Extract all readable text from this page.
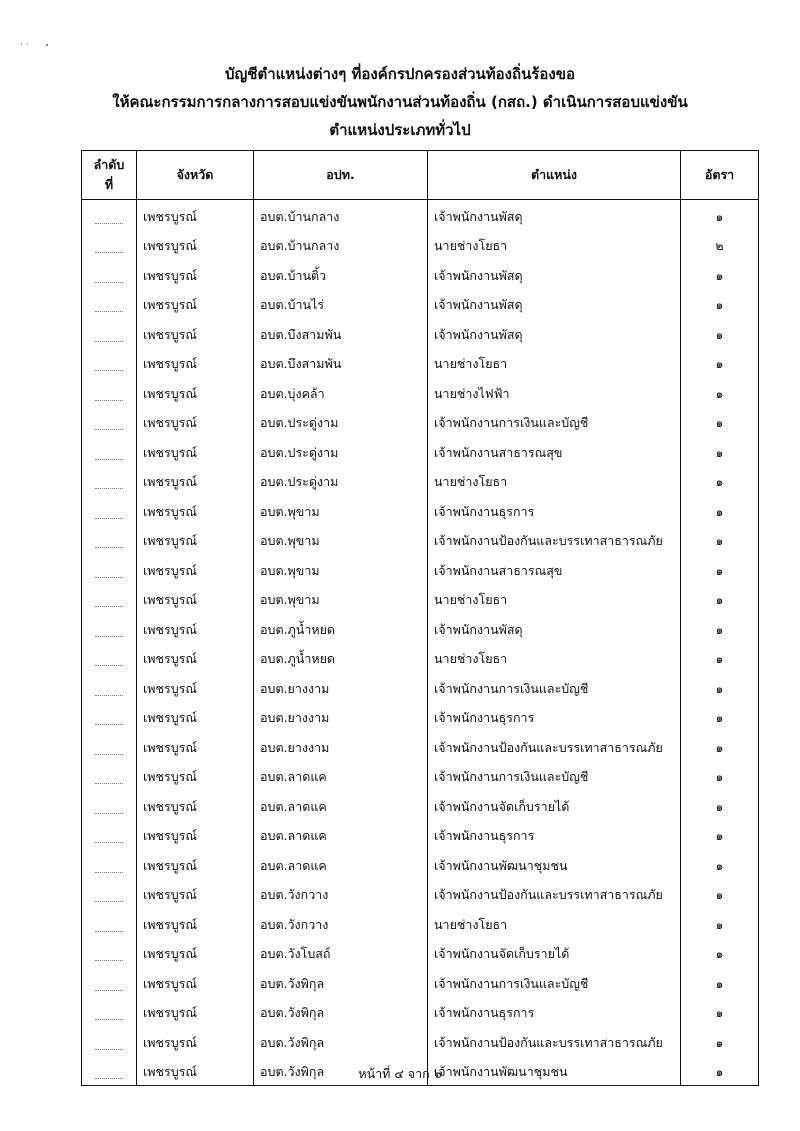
· ·
บัญชีตำแหน่งต่างๆ ที่องค์กรปกครองส่วนท้องถิ่นร้องขอ
ให้คณะกรรมการกลางการสอบแข่งขันพนักงานส่วนท้องถิ่น (กสถ.) ดำเนินการสอบแข่งขัน
ตำแหน่งประเภททั่วไป
ลำดับ
ที่	จังหวัด	อปท.	ตำแหน่ง	อัตรา
	เพชรบูรณ์	อบต.บ้านกลาง	เจ้าพนักงานพัสดุ	๑
	เพชรบูรณ์	อบต.บ้านกลาง	นายช่างโยธา	๒
	เพชรบูรณ์	อบต.บ้านติ้ว	เจ้าพนักงานพัสดุ	๑
	เพชรบูรณ์	อบต.บ้านไร่	เจ้าพนักงานพัสดุ	๑
	เพชรบูรณ์	อบต.บึงสามพัน	เจ้าพนักงานพัสดุ	๑
	เพชรบูรณ์	อบต.บึงสามพัน	นายช่างโยธา	๑
	เพชรบูรณ์	อบต.บุ่งคล้า	นายช่างไฟฟ้า	๑
	เพชรบูรณ์	อบต.ประดู่งาม	เจ้าพนักงานการเงินและบัญชี	๑
	เพชรบูรณ์	อบต.ประดู่งาม	เจ้าพนักงานสาธารณสุข	๑
	เพชรบูรณ์	อบต.ประดู่งาม	นายช่างโยธา	๑
	เพชรบูรณ์	อบต.พุขาม	เจ้าพนักงานธุรการ	๑
	เพชรบูรณ์	อบต.พุขาม	เจ้าพนักงานป้องกันและบรรเทาสาธารณภัย	๑
	เพชรบูรณ์	อบต.พุขาม	เจ้าพนักงานสาธารณสุข	๑
	เพชรบูรณ์	อบต.พุขาม	นายช่างโยธา	๑
	เพชรบูรณ์	อบต.ภูน้ำหยด	เจ้าพนักงานพัสดุ	๑
	เพชรบูรณ์	อบต.ภูน้ำหยด	นายช่างโยธา	๑
	เพชรบูรณ์	อบต.ยางงาม	เจ้าพนักงานการเงินและบัญชี	๑
	เพชรบูรณ์	อบต.ยางงาม	เจ้าพนักงานธุรการ	๑
	เพชรบูรณ์	อบต.ยางงาม	เจ้าพนักงานป้องกันและบรรเทาสาธารณภัย	๑
	เพชรบูรณ์	อบต.ลาดแค	เจ้าพนักงานการเงินและบัญชี	๑
	เพชรบูรณ์	อบต.ลาดแค	เจ้าพนักงานจัดเก็บรายได้	๑
	เพชรบูรณ์	อบต.ลาดแค	เจ้าพนักงานธุรการ	๑
	เพชรบูรณ์	อบต.ลาดแค	เจ้าพนักงานพัฒนาชุมชน	๑
	เพชรบูรณ์	อบต.วังกวาง	เจ้าพนักงานป้องกันและบรรเทาสาธารณภัย	๑
	เพชรบูรณ์	อบต.วังกวาง	นายช่างโยธา	๑
	เพชรบูรณ์	อบต.วังโบสถ์	เจ้าพนักงานจัดเก็บรายได้	๑
	เพชรบูรณ์	อบต.วังพิกุล	เจ้าพนักงานการเงินและบัญชี	๑
	เพชรบูรณ์	อบต.วังพิกุล	เจ้าพนักงานธุรการ	๑
	เพชรบูรณ์	อบต.วังพิกุล	เจ้าพนักงานป้องกันและบรรเทาสาธารณภัย	๑
	เพชรบูรณ์	อบต.วังพิกุล	เจ้าพนักงานพัฒนาชุมชน	๑
หน้าที่ ๔ จาก ๖
